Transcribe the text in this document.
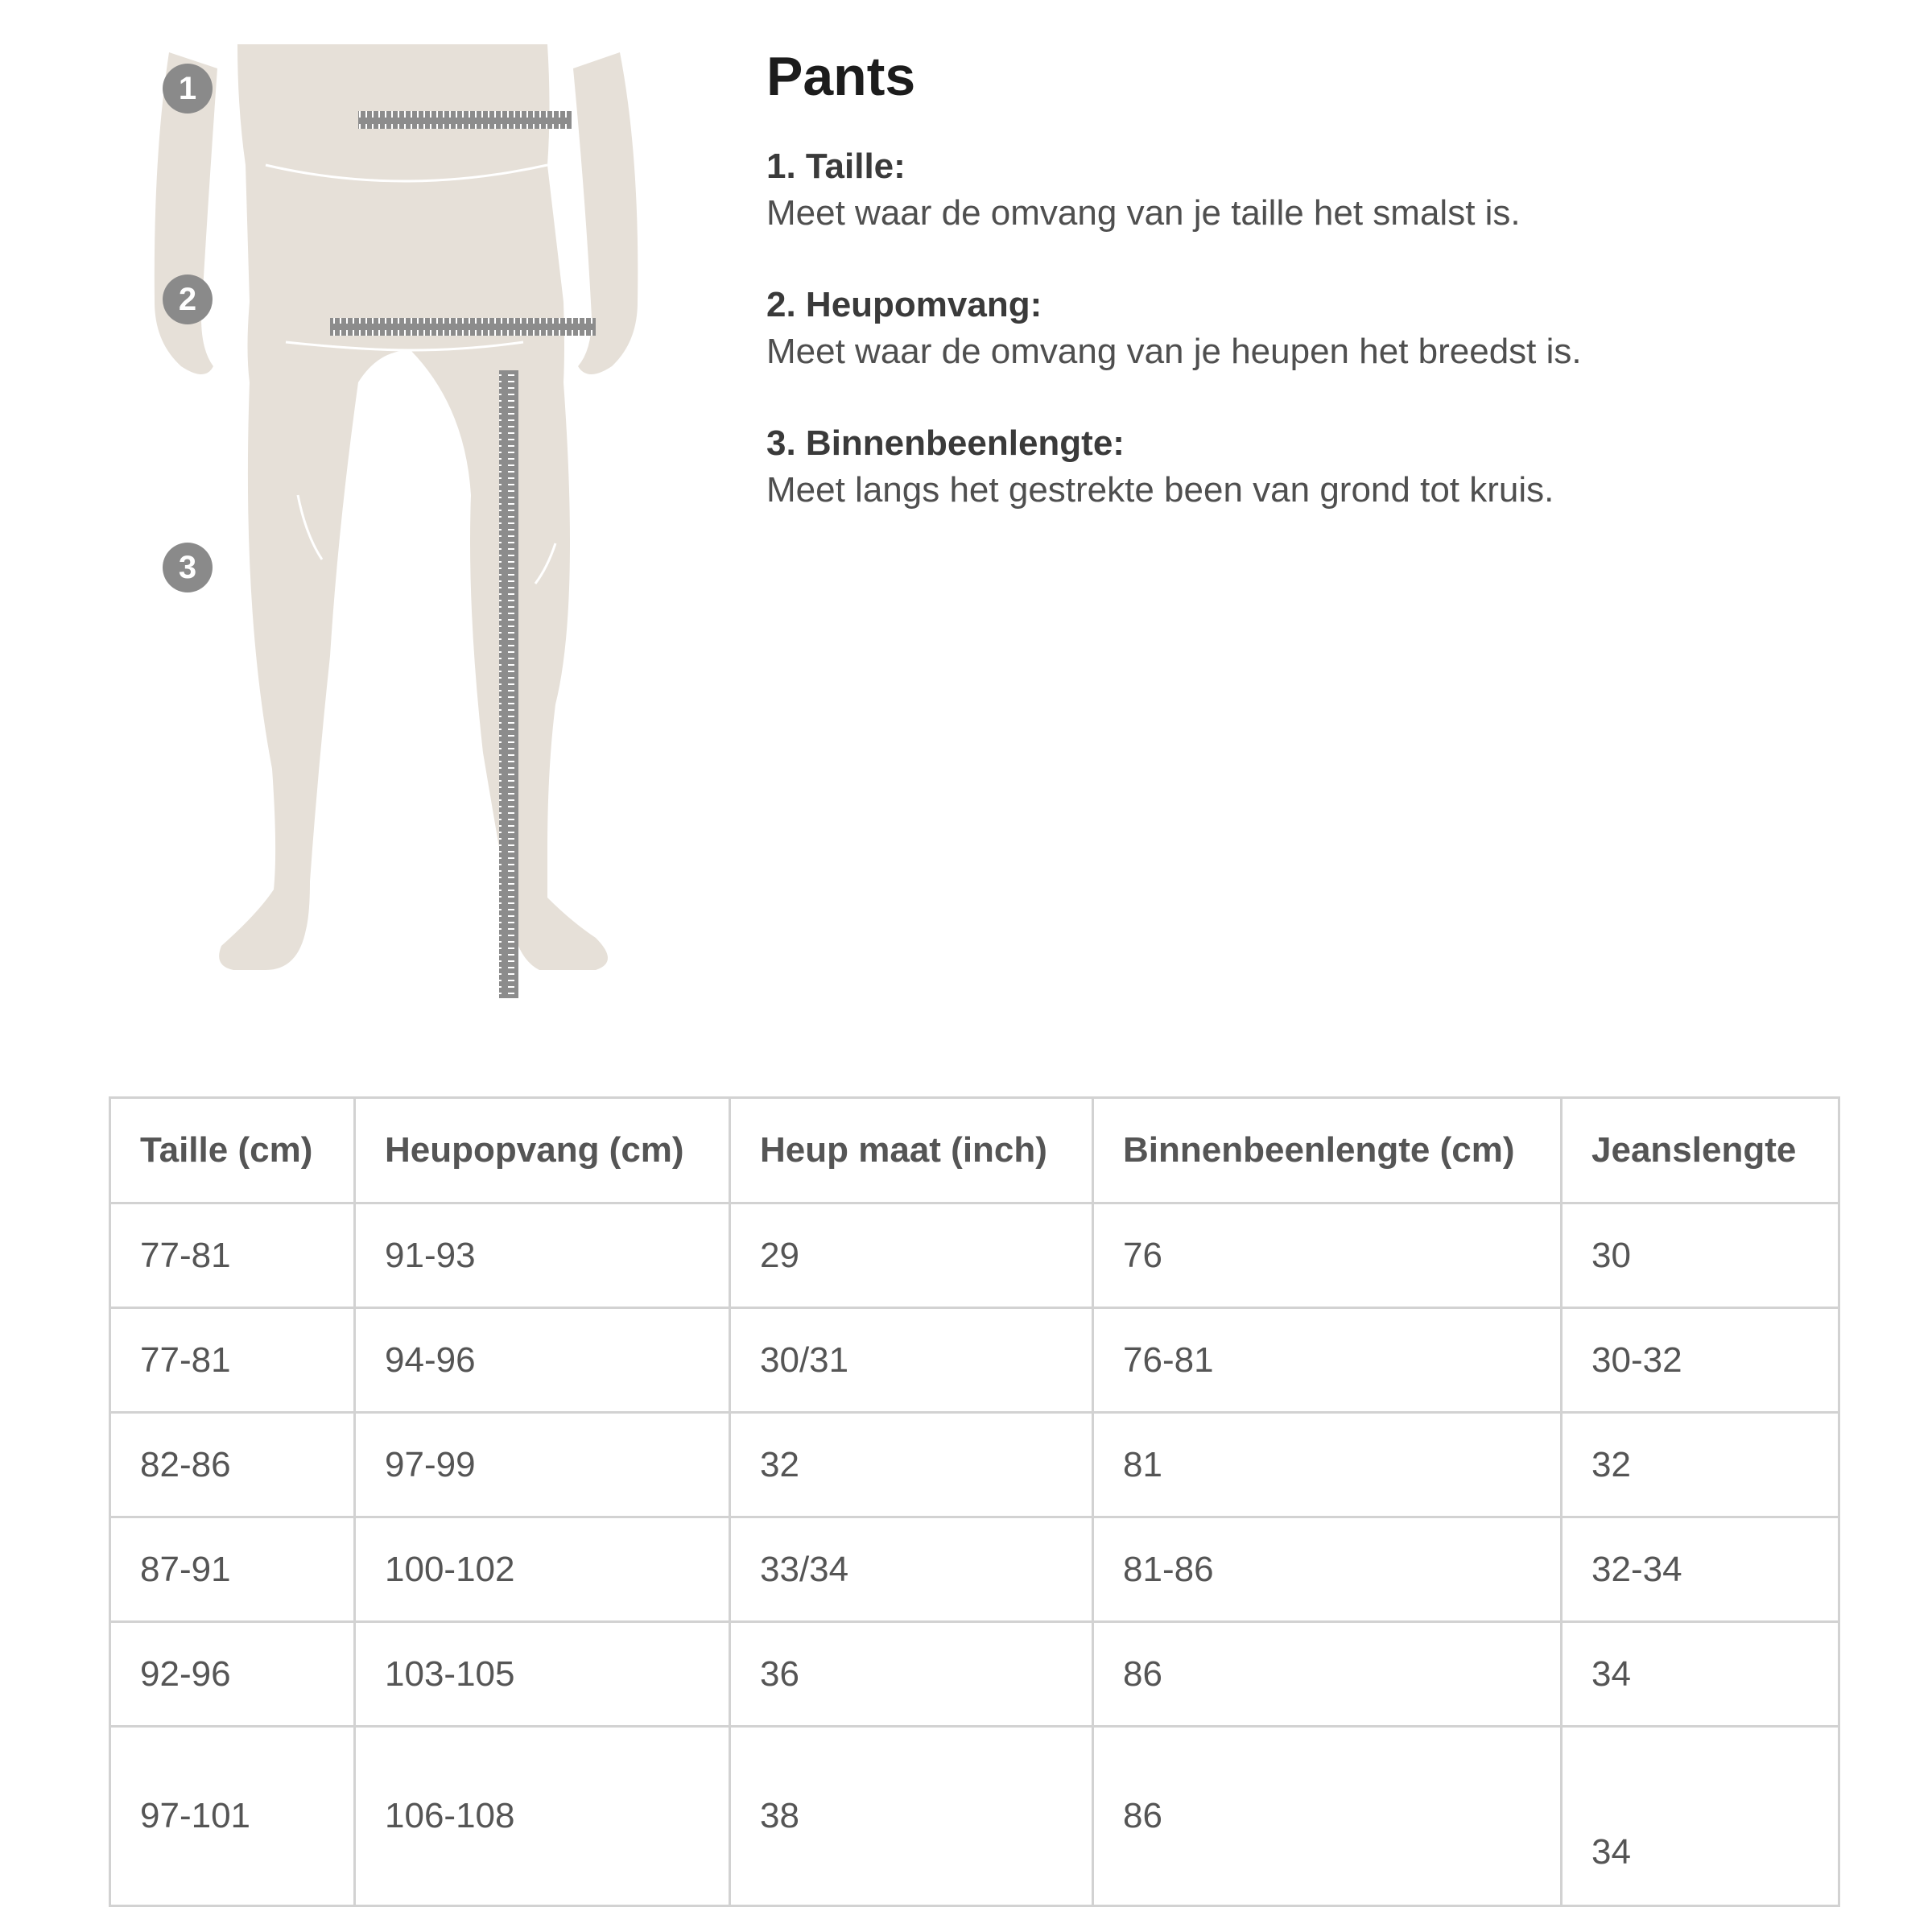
1
2
3
Pants
1. Taille:
Meet waar de omvang van je taille het smalst is.
2. Heupomvang:
Meet waar de omvang van je heupen het breedst is.
3. Binnenbeenlengte:
Meet langs het gestrekte been van grond tot kruis.
Taille (cm)	Heupopvang (cm)	Heup maat (inch)	Binnenbeenlengte (cm)	Jeanslengte
77-81	91-93	29	76	30
77-81	94-96	30/31	76-81	30-32
82-86	97-99	32	81	32
87-91	100-102	33/34	81-86	32-34
92-96	103-105	36	86	34
97-101	106-108	38	86	34
